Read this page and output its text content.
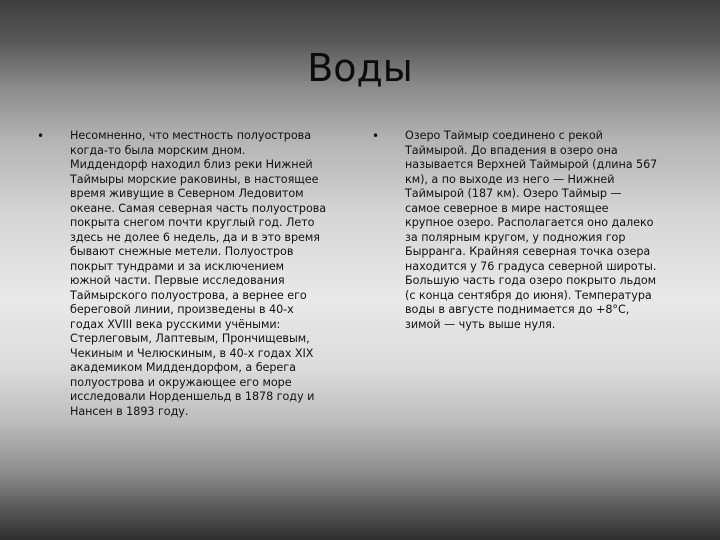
Воды
• Несомненно, что местность полуострова
когда-то была морским дном.
Миддендорф находил близ реки Нижней
Таймыры морские раковины, в настоящее
время живущие в Северном Ледовитом
океане. Самая северная часть полуострова
покрыта снегом почти круглый год. Лето
здесь не долее 6 недель, да и в это время
бывают снежные метели. Полуостров
покрыт тундрами и за исключением
южной части. Первые исследования
Таймырского полуострова, а вернее его
береговой линии, произведены в 40-х
годах XVIII века русскими учёными:
Стерлеговым, Лаптевым, Прончищевым,
Чекиным и Челюскиным, в 40-х годах XIX
академиком Миддендорфом, а берега
полуострова и окружающее его море
исследовали Норденшельд в 1878 году и
Нансен в 1893 году.
• Озеро Таймыр соединено с рекой
Таймырой. До впадения в озеро она
называется Верхней Таймырой (длина 567
км), а по выходе из него — Нижней
Таймырой (187 км). Озеро Таймыр —
самое северное в мире настоящее
крупное озеро. Располагается оно далеко
за полярным кругом, у подножия гор
Бырранга. Крайняя северная точка озера
находится у 76 градуса северной широты.
Большую часть года озеро покрыто льдом
(с конца сентября до июня). Температура
воды в августе поднимается до +8°C,
зимой — чуть выше нуля.
